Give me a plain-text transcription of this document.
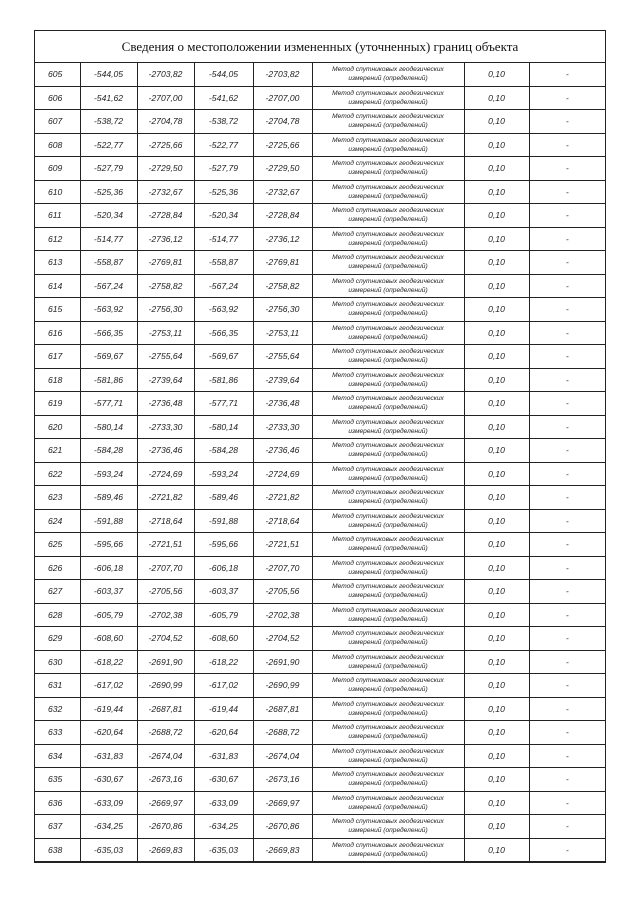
Сведения о местоположении измененных (уточненных) границ объекта
605	-544,05	-2703,82	-544,05	-2703,82	Метод спутниковых геодезических
измерений (определений)	0,10	-
606	-541,62	-2707,00	-541,62	-2707,00	Метод спутниковых геодезических
измерений (определений)	0,10	-
607	-538,72	-2704,78	-538,72	-2704,78	Метод спутниковых геодезических
измерений (определений)	0,10	-
608	-522,77	-2725,66	-522,77	-2725,66	Метод спутниковых геодезических
измерений (определений)	0,10	-
609	-527,79	-2729,50	-527,79	-2729,50	Метод спутниковых геодезических
измерений (определений)	0,10	-
610	-525,36	-2732,67	-525,36	-2732,67	Метод спутниковых геодезических
измерений (определений)	0,10	-
611	-520,34	-2728,84	-520,34	-2728,84	Метод спутниковых геодезических
измерений (определений)	0,10	-
612	-514,77	-2736,12	-514,77	-2736,12	Метод спутниковых геодезических
измерений (определений)	0,10	-
613	-558,87	-2769,81	-558,87	-2769,81	Метод спутниковых геодезических
измерений (определений)	0,10	-
614	-567,24	-2758,82	-567,24	-2758,82	Метод спутниковых геодезических
измерений (определений)	0,10	-
615	-563,92	-2756,30	-563,92	-2756,30	Метод спутниковых геодезических
измерений (определений)	0,10	-
616	-566,35	-2753,11	-566,35	-2753,11	Метод спутниковых геодезических
измерений (определений)	0,10	-
617	-569,67	-2755,64	-569,67	-2755,64	Метод спутниковых геодезических
измерений (определений)	0,10	-
618	-581,86	-2739,64	-581,86	-2739,64	Метод спутниковых геодезических
измерений (определений)	0,10	-
619	-577,71	-2736,48	-577,71	-2736,48	Метод спутниковых геодезических
измерений (определений)	0,10	-
620	-580,14	-2733,30	-580,14	-2733,30	Метод спутниковых геодезических
измерений (определений)	0,10	-
621	-584,28	-2736,46	-584,28	-2736,46	Метод спутниковых геодезических
измерений (определений)	0,10	-
622	-593,24	-2724,69	-593,24	-2724,69	Метод спутниковых геодезических
измерений (определений)	0,10	-
623	-589,46	-2721,82	-589,46	-2721,82	Метод спутниковых геодезических
измерений (определений)	0,10	-
624	-591,88	-2718,64	-591,88	-2718,64	Метод спутниковых геодезических
измерений (определений)	0,10	-
625	-595,66	-2721,51	-595,66	-2721,51	Метод спутниковых геодезических
измерений (определений)	0,10	-
626	-606,18	-2707,70	-606,18	-2707,70	Метод спутниковых геодезических
измерений (определений)	0,10	-
627	-603,37	-2705,56	-603,37	-2705,56	Метод спутниковых геодезических
измерений (определений)	0,10	-
628	-605,79	-2702,38	-605,79	-2702,38	Метод спутниковых геодезических
измерений (определений)	0,10	-
629	-608,60	-2704,52	-608,60	-2704,52	Метод спутниковых геодезических
измерений (определений)	0,10	-
630	-618,22	-2691,90	-618,22	-2691,90	Метод спутниковых геодезических
измерений (определений)	0,10	-
631	-617,02	-2690,99	-617,02	-2690,99	Метод спутниковых геодезических
измерений (определений)	0,10	-
632	-619,44	-2687,81	-619,44	-2687,81	Метод спутниковых геодезических
измерений (определений)	0,10	-
633	-620,64	-2688,72	-620,64	-2688,72	Метод спутниковых геодезических
измерений (определений)	0,10	-
634	-631,83	-2674,04	-631,83	-2674,04	Метод спутниковых геодезических
измерений (определений)	0,10	-
635	-630,67	-2673,16	-630,67	-2673,16	Метод спутниковых геодезических
измерений (определений)	0,10	-
636	-633,09	-2669,97	-633,09	-2669,97	Метод спутниковых геодезических
измерений (определений)	0,10	-
637	-634,25	-2670,86	-634,25	-2670,86	Метод спутниковых геодезических
измерений (определений)	0,10	-
638	-635,03	-2669,83	-635,03	-2669,83	Метод спутниковых геодезических
измерений (определений)	0,10	-
